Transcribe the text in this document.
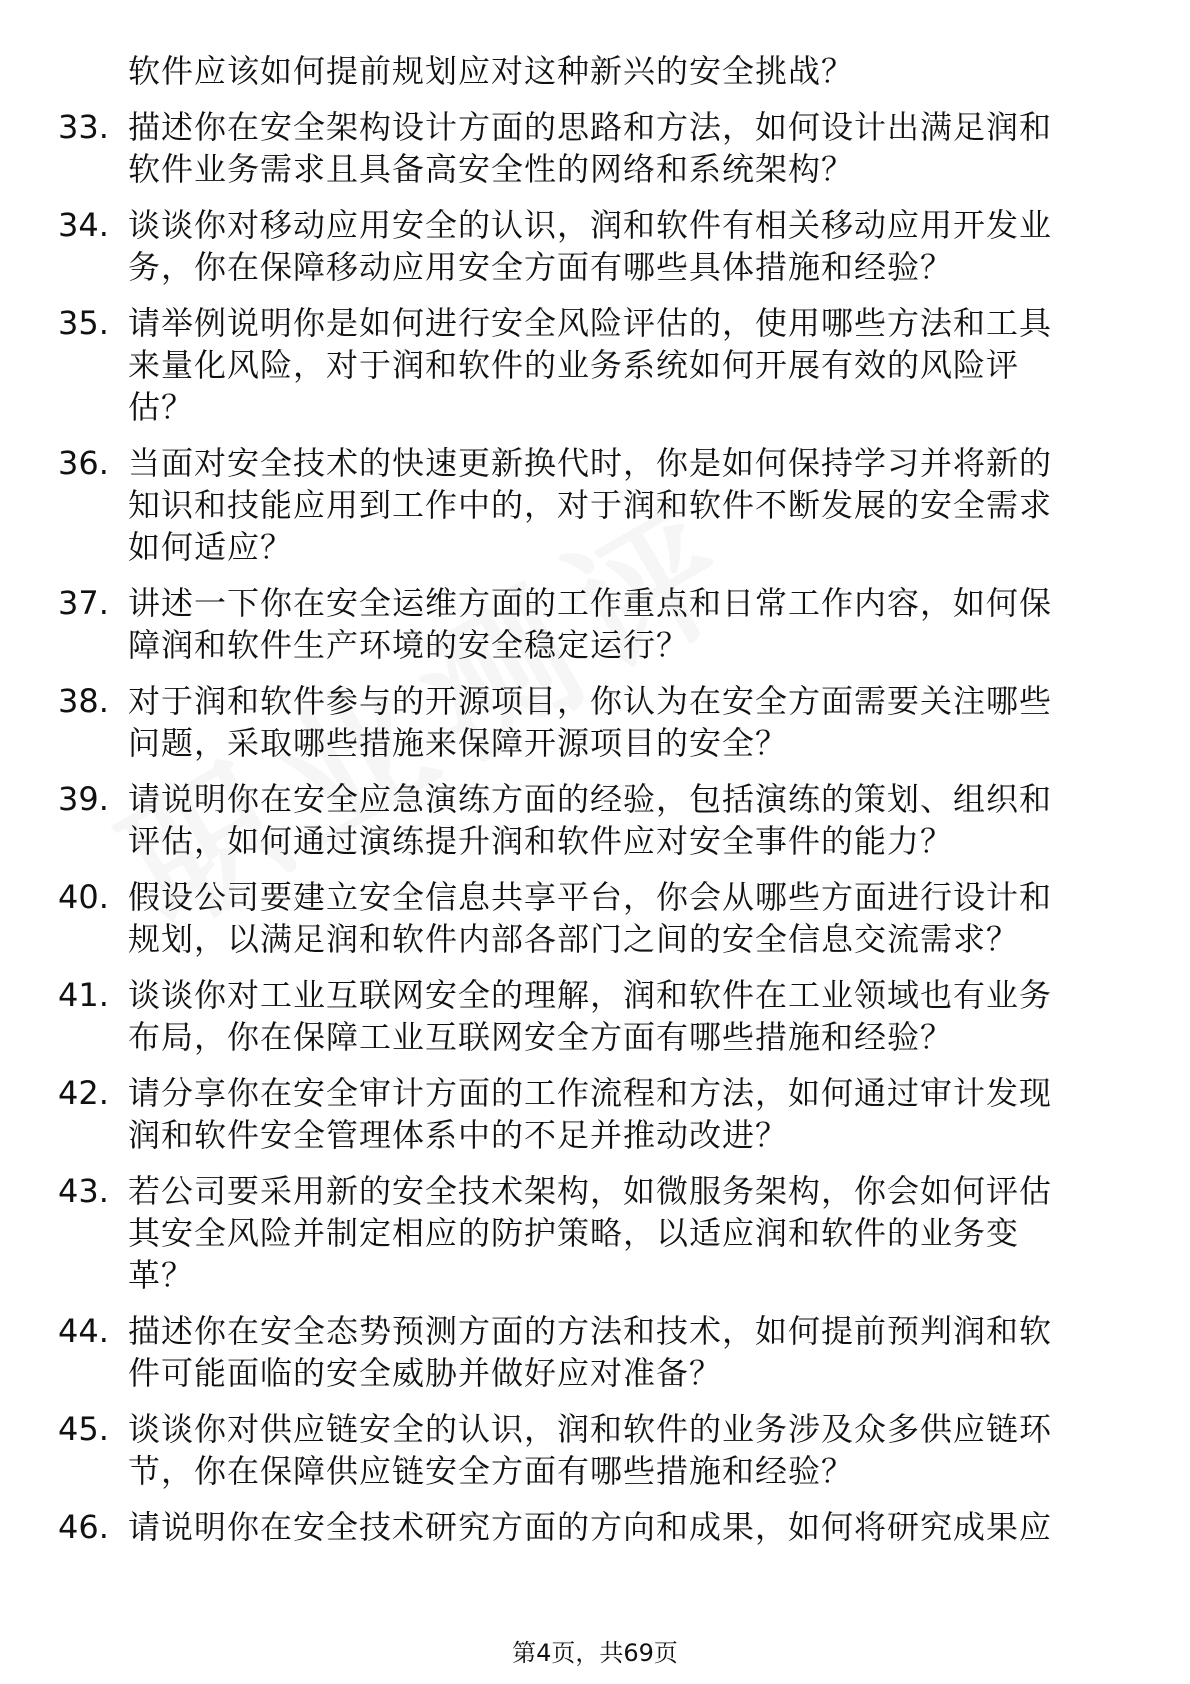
软件应该如何提前规划应对这种新兴的安全挑战？
33. 描述你在安全架构设计方面的思路和方法，如何设计出满足润和
软件业务需求且具备高安全性的网络和系统架构？
34. 谈谈你对移动应用安全的认识，润和软件有相关移动应用开发业
务，你在保障移动应用安全方面有哪些具体措施和经验？
35. 请举例说明你是如何进行安全风险评估的，使用哪些方法和工具
来量化风险，对于润和软件的业务系统如何开展有效的风险评
估？
36. 当面对安全技术的快速更新换代时，你是如何保持学习并将新的
知识和技能应用到工作中的，对于润和软件不断发展的安全需求
如何适应？
37. 讲述一下你在安全运维方面的工作重点和日常工作内容，如何保
障润和软件生产环境的安全稳定运行？
38. 对于润和软件参与的开源项目，你认为在安全方面需要关注哪些
问题，采取哪些措施来保障开源项目的安全？
39. 请说明你在安全应急演练方面的经验，包括演练的策划、组织和
评估，如何通过演练提升润和软件应对安全事件的能力？
40. 假设公司要建立安全信息共享平台，你会从哪些方面进行设计和
规划，以满足润和软件内部各部门之间的安全信息交流需求？
41. 谈谈你对工业互联网安全的理解，润和软件在工业领域也有业务
布局，你在保障工业互联网安全方面有哪些措施和经验？
42. 请分享你在安全审计方面的工作流程和方法，如何通过审计发现
润和软件安全管理体系中的不足并推动改进？
43. 若公司要采用新的安全技术架构，如微服务架构，你会如何评估
其安全风险并制定相应的防护策略，以适应润和软件的业务变
革？
44. 描述你在安全态势预测方面的方法和技术，如何提前预判润和软
件可能面临的安全威胁并做好应对准备？
45. 谈谈你对供应链安全的认识，润和软件的业务涉及众多供应链环
节，你在保障供应链安全方面有哪些措施和经验？
46. 请说明你在安全技术研究方面的方向和成果，如何将研究成果应
第4页，共69页
